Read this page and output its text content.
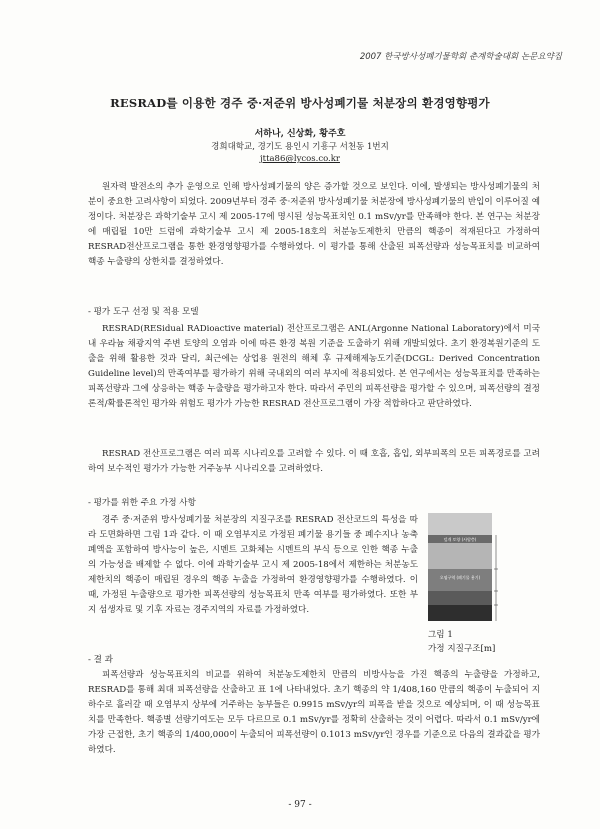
2007 한국방사성폐기물학회 춘계학술대회 논문요약집
RESRAD를 이용한 경주 중·저준위 방사성폐기물 처분장의 환경영향평가
서하나, 신상화, 황주호
경희대학교, 경기도 용인시 기흥구 서천동 1번지
jtta86@lycos.co.kr

원자력 발전소의 추가 운영으로 인해 방사성폐기물의 양은 증가할 것으로 보인다. 이에, 발생되는 방사성폐기물의 처분이 중요한 고려사항이 되었다. 2009년부터 경주 중·저준위 방사성폐기물 처분장에 방사성폐기물의 반입이 이루어질 예정이다. 처분장은 과학기술부 고시 제 2005-17에 명시된 성능목표치인 0.1 mSv/yr를 만족해야 한다. 본 연구는 처분장에 매립될 10만 드럼에 과학기술부 고시 제 2005-18호의 처분농도제한치 만큼의 핵종이 적재된다고 가정하여 RESRAD전산프로그램을 통한 환경영향평가를 수행하였다. 이 평가를 통해 산출된 피폭선량과 성능목표치를 비교하여 핵종 누출량의 상한치를 결정하였다.

- 평가 도구 선정 및 적용 모델

RESRAD(RESidual RADioactive material) 전산프로그램은 ANL(Argonne National Laboratory)에서 미국 내 우라늄 채광지역 주변 토양의 오염과 이에 따른 환경 복원 기준을 도출하기 위해 개발되었다. 초기 환경복원기준의 도출을 위해 활용한 것과 달리, 최근에는 상업용 원전의 해체 후 규제해제농도기준(DCGL: Derived Concentration Guideline level)의 만족여부를 평가하기 위해 국내외의 여러 부지에 적용되었다. 본 연구에서는 성능목표치를 만족하는 피폭선량과 그에 상응하는 핵종 누출량을 평가하고자 한다. 따라서 주민의 피폭선량을 평가할 수 있으며, 피폭선량의 결정론적/확률론적인 평가와 위험도 평가가 가능한 RESRAD 전산프로그램이 가장 적합하다고 판단하였다.

RESRAD 전산프로그램은 여러 피폭 시나리오를 고려할 수 있다. 이 때 호흡, 흡입, 외부피폭의 모든 피폭경로를 고려하여 보수적인 평가가 가능한 거주농부 시나리오를 고려하였다.

- 평가를 위한 주요 가정 사항

경주 중·저준위 방사성폐기물 처분장의 지질구조를 RESRAD 전산코드의 특성을 따라 도면화하면 그림 1과 같다. 이 때 오염부지로 가정된 폐기물 용기들 중 폐수지나 농축폐액을 포함하여 방사능이 높은, 시멘트 고화체는 시멘트의 부식 등으로 인한 핵종 누출의 가능성을 배제할 수 없다. 이에 과학기술부 고시 제 2005-18에서 제한하는 처분농도제한치의 핵종이 매립된 경우의 핵종 누출을 가정하여 환경영향평가를 수행하였다. 이 때, 가정된 누출량으로 평가한 피폭선량의 성능목표치 만족 여부를 평가하였다. 또한 부지 섬생자료 및 기후 자료는 경주지역의 자료를 가정하였다.

덮개 토양 (사암층)
오염구역 (폐기물 용기)
그림 1
가정 지질구조[m]

- 결 과

피폭선량과 성능목표치의 비교를 위하여 처분농도제한치 만큼의 비방사능을 가진 핵종의 누출량을 가정하고, RESRAD를 통해 최대 피폭선량을 산출하고 표 1에 나타내었다. 초기 핵종의 약 1/408,160 만큼의 핵종이 누출되어 지하수로 흘러갈 때 오염부지 상부에 거주하는 농부들은 0.9915 mSv/yr의 피폭을 받을 것으로 예상되며, 이 때 성능목표치를 만족한다. 핵종별 선량기여도는 모두 다르므로 0.1 mSv/yr를 정확히 산출하는 것이 어렵다. 따라서 0.1 mSv/yr에 가장 근접한, 초기 핵종의 1/400,000이 누출되어 피폭선량이 0.1013 mSv/yr인 경우를 기준으로 다음의 결과값을 평가하였다.

- 97 -
